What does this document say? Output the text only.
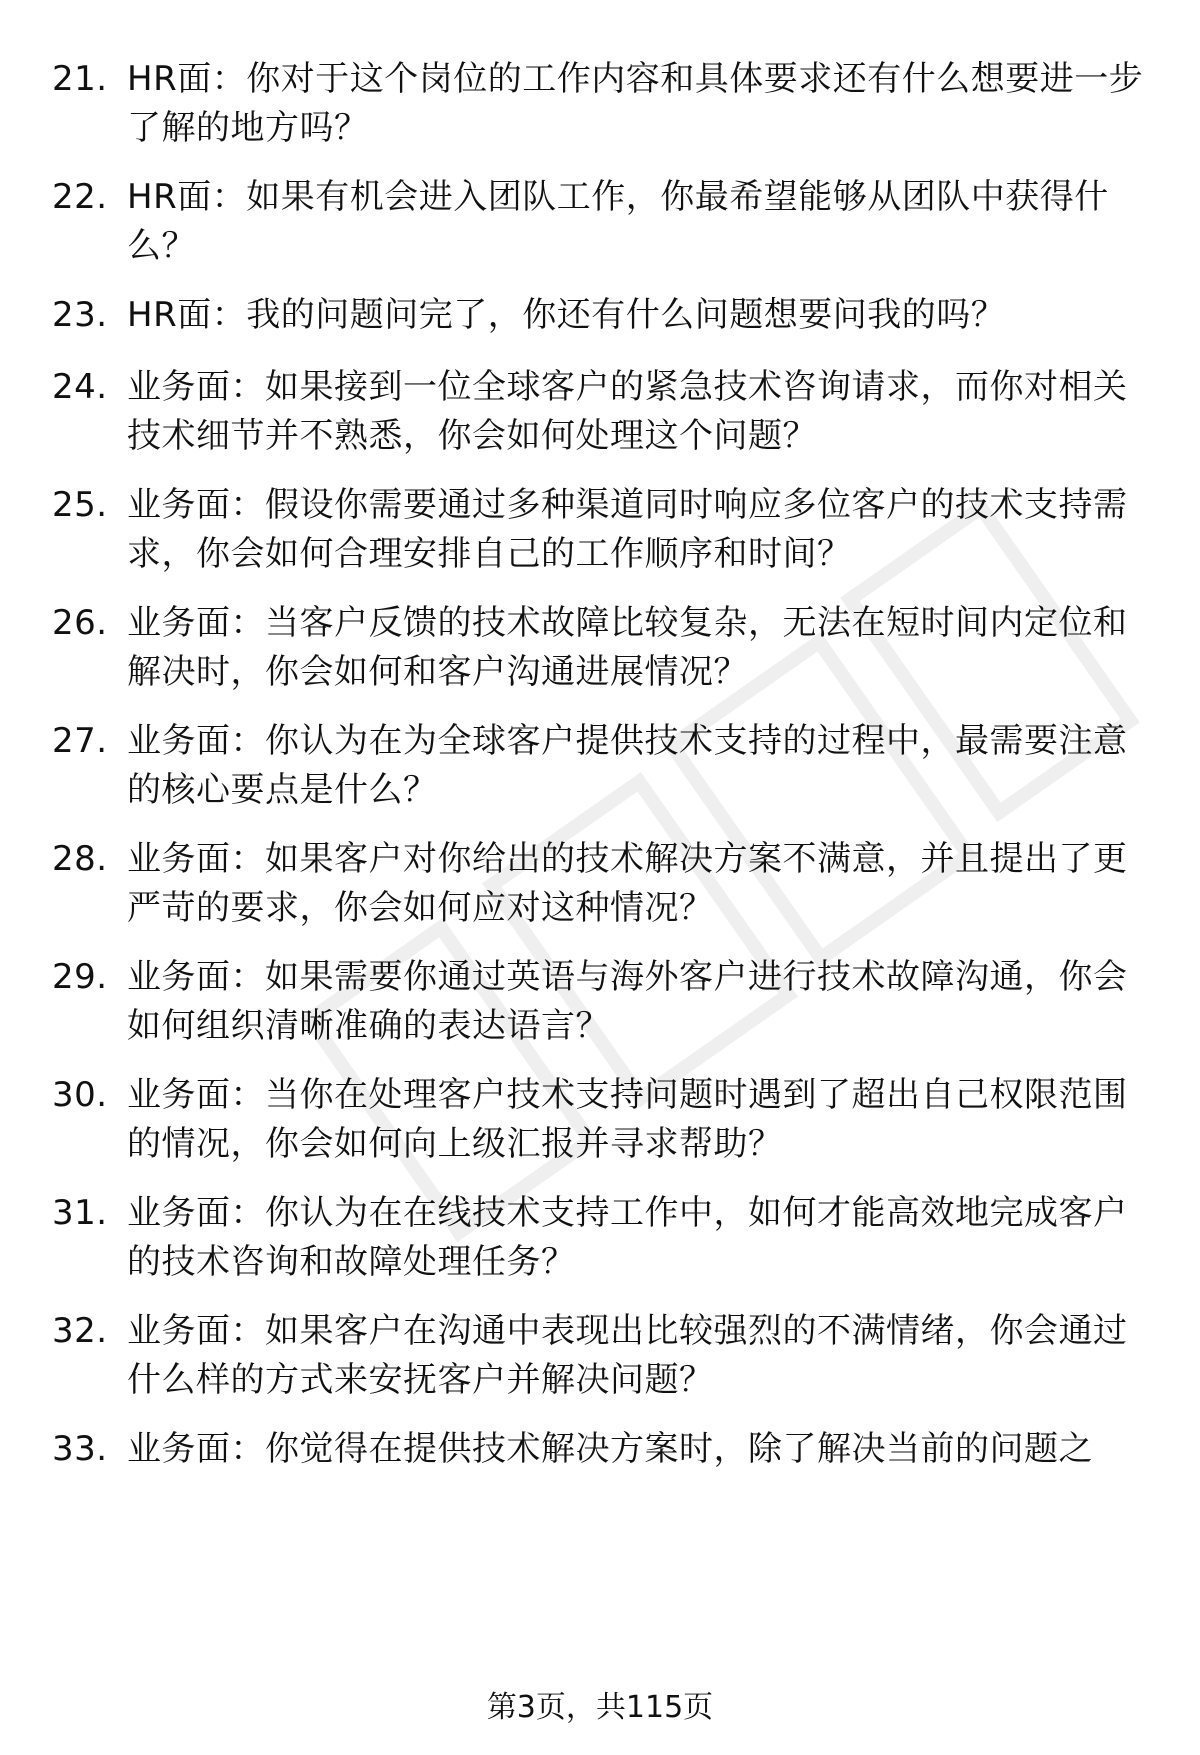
21. HR面：你对于这个岗位的工作内容和具体要求还有什么想要进一步了解的地方吗？
22. HR面：如果有机会进入团队工作，你最希望能够从团队中获得什么？
23. HR面：我的问题问完了，你还有什么问题想要问我的吗？
24. 业务面：如果接到一位全球客户的紧急技术咨询请求，而你对相关技术细节并不熟悉，你会如何处理这个问题？
25. 业务面：假设你需要通过多种渠道同时响应多位客户的技术支持需求，你会如何合理安排自己的工作顺序和时间？
26. 业务面：当客户反馈的技术故障比较复杂，无法在短时间内定位和解决时，你会如何和客户沟通进展情况？
27. 业务面：你认为在为全球客户提供技术支持的过程中，最需要注意的核心要点是什么？
28. 业务面：如果客户对你给出的技术解决方案不满意，并且提出了更严苛的要求，你会如何应对这种情况？
29. 业务面：如果需要你通过英语与海外客户进行技术故障沟通，你会如何组织清晰准确的表达语言？
30. 业务面：当你在处理客户技术支持问题时遇到了超出自己权限范围的情况，你会如何向上级汇报并寻求帮助？
31. 业务面：你认为在在线技术支持工作中，如何才能高效地完成客户的技术咨询和故障处理任务？
32. 业务面：如果客户在沟通中表现出比较强烈的不满情绪，你会通过什么样的方式来安抚客户并解决问题？
33. 业务面：你觉得在提供技术解决方案时，除了解决当前的问题之
第3页，共115页
